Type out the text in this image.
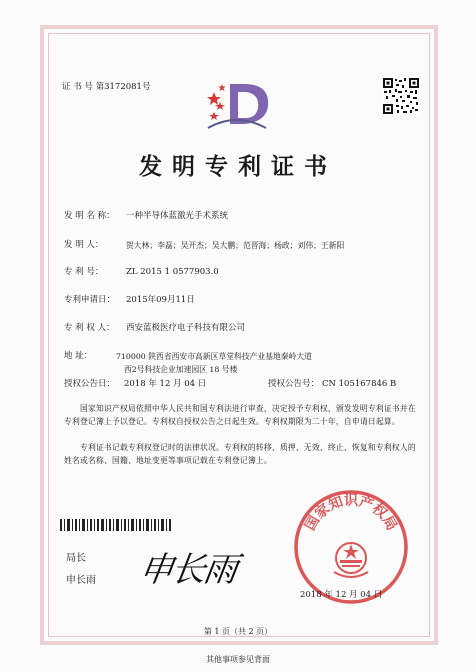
证 书 号 第3172081号
发明专利证书
发 明 名 称： 一种半导体蓝激光手术系统
发 明 人：	贺大林；李磊；吴开杰；吴大鹏；范晋海；杨政；刘伟；王新阳
专 利 号：	ZL 2015 1 0577903.0
专利申请日： 2015年09月11日
专 利 权 人： 西安蓝极医疗电子科技有限公司
地 址：	710000 陕西省西安市高新区草堂科技产业基地秦岭大道
西2号科技企业加速园区 18 号楼
授权公告日： 2018 年 12 月 04 日	授权公告号： CN 105167846 B
国家知识产权局依照中华人民共和国专利法进行审查，决定授予专利权，颁发发明专利证书并在专利登记簿上予以登记。专利权自授权公告之日起生效。专利权期限为二十年，自申请日起算。
专利证书记载专利权登记时的法律状况。专利权的转移、质押、无效、终止、恢复和专利权人的姓名或名称、国籍、地址变更等事项记载在专利登记簿上。
局长
申长雨 申长雨
国家知识产权局
2018 年 12 月 04 日
第 1 页（共 2 页）
其他事项参见背面
